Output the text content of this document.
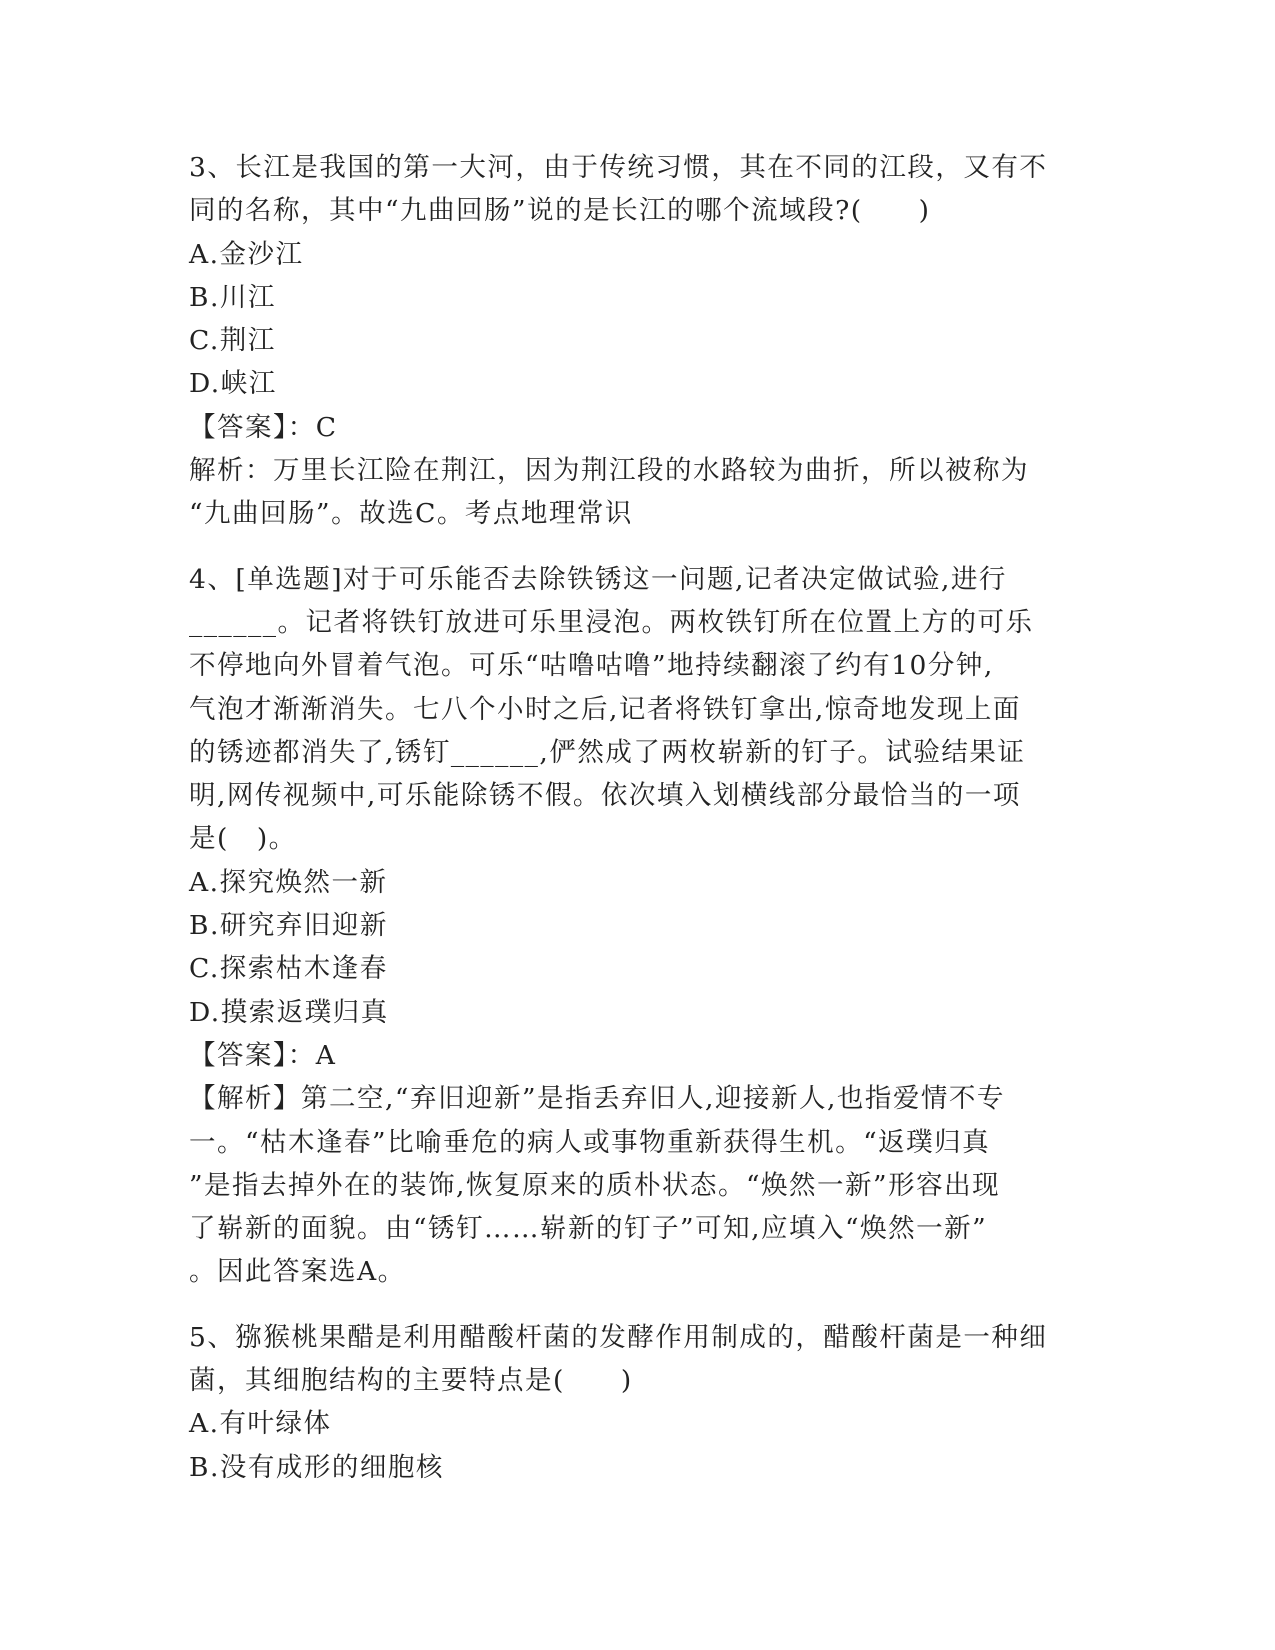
3、长江是我国的第一大河，由于传统习惯，其在不同的江段，又有不
同的名称，其中“九曲回肠”说的是长江的哪个流域段?(　　)
A.金沙江
B.川江
C.荆江
D.峡江
【答案】：C
解析：万里长江险在荆江，因为荆江段的水路较为曲折，所以被称为
“九曲回肠”。故选C。考点地理常识
4、[单选题]对于可乐能否去除铁锈这一问题,记者决定做试验,进行
______。记者将铁钉放进可乐里浸泡。两枚铁钉所在位置上方的可乐
不停地向外冒着气泡。可乐“咕噜咕噜”地持续翻滚了约有10分钟,
气泡才渐渐消失。七八个小时之后,记者将铁钉拿出,惊奇地发现上面
的锈迹都消失了,锈钉______,俨然成了两枚崭新的钉子。试验结果证
明,网传视频中,可乐能除锈不假。依次填入划横线部分最恰当的一项
是(　)。
A.探究焕然一新
B.研究弃旧迎新
C.探索枯木逢春
D.摸索返璞归真
【答案】：A
【解析】第二空,“弃旧迎新”是指丢弃旧人,迎接新人,也指爱情不专
一。“枯木逢春”比喻垂危的病人或事物重新获得生机。“返璞归真
”是指去掉外在的装饰,恢复原来的质朴状态。“焕然一新”形容出现
了崭新的面貌。由“锈钉……崭新的钉子”可知,应填入“焕然一新”
。因此答案选A。
5、猕猴桃果醋是利用醋酸杆菌的发酵作用制成的，醋酸杆菌是一种细
菌，其细胞结构的主要特点是(　　)
A.有叶绿体
B.没有成形的细胞核
